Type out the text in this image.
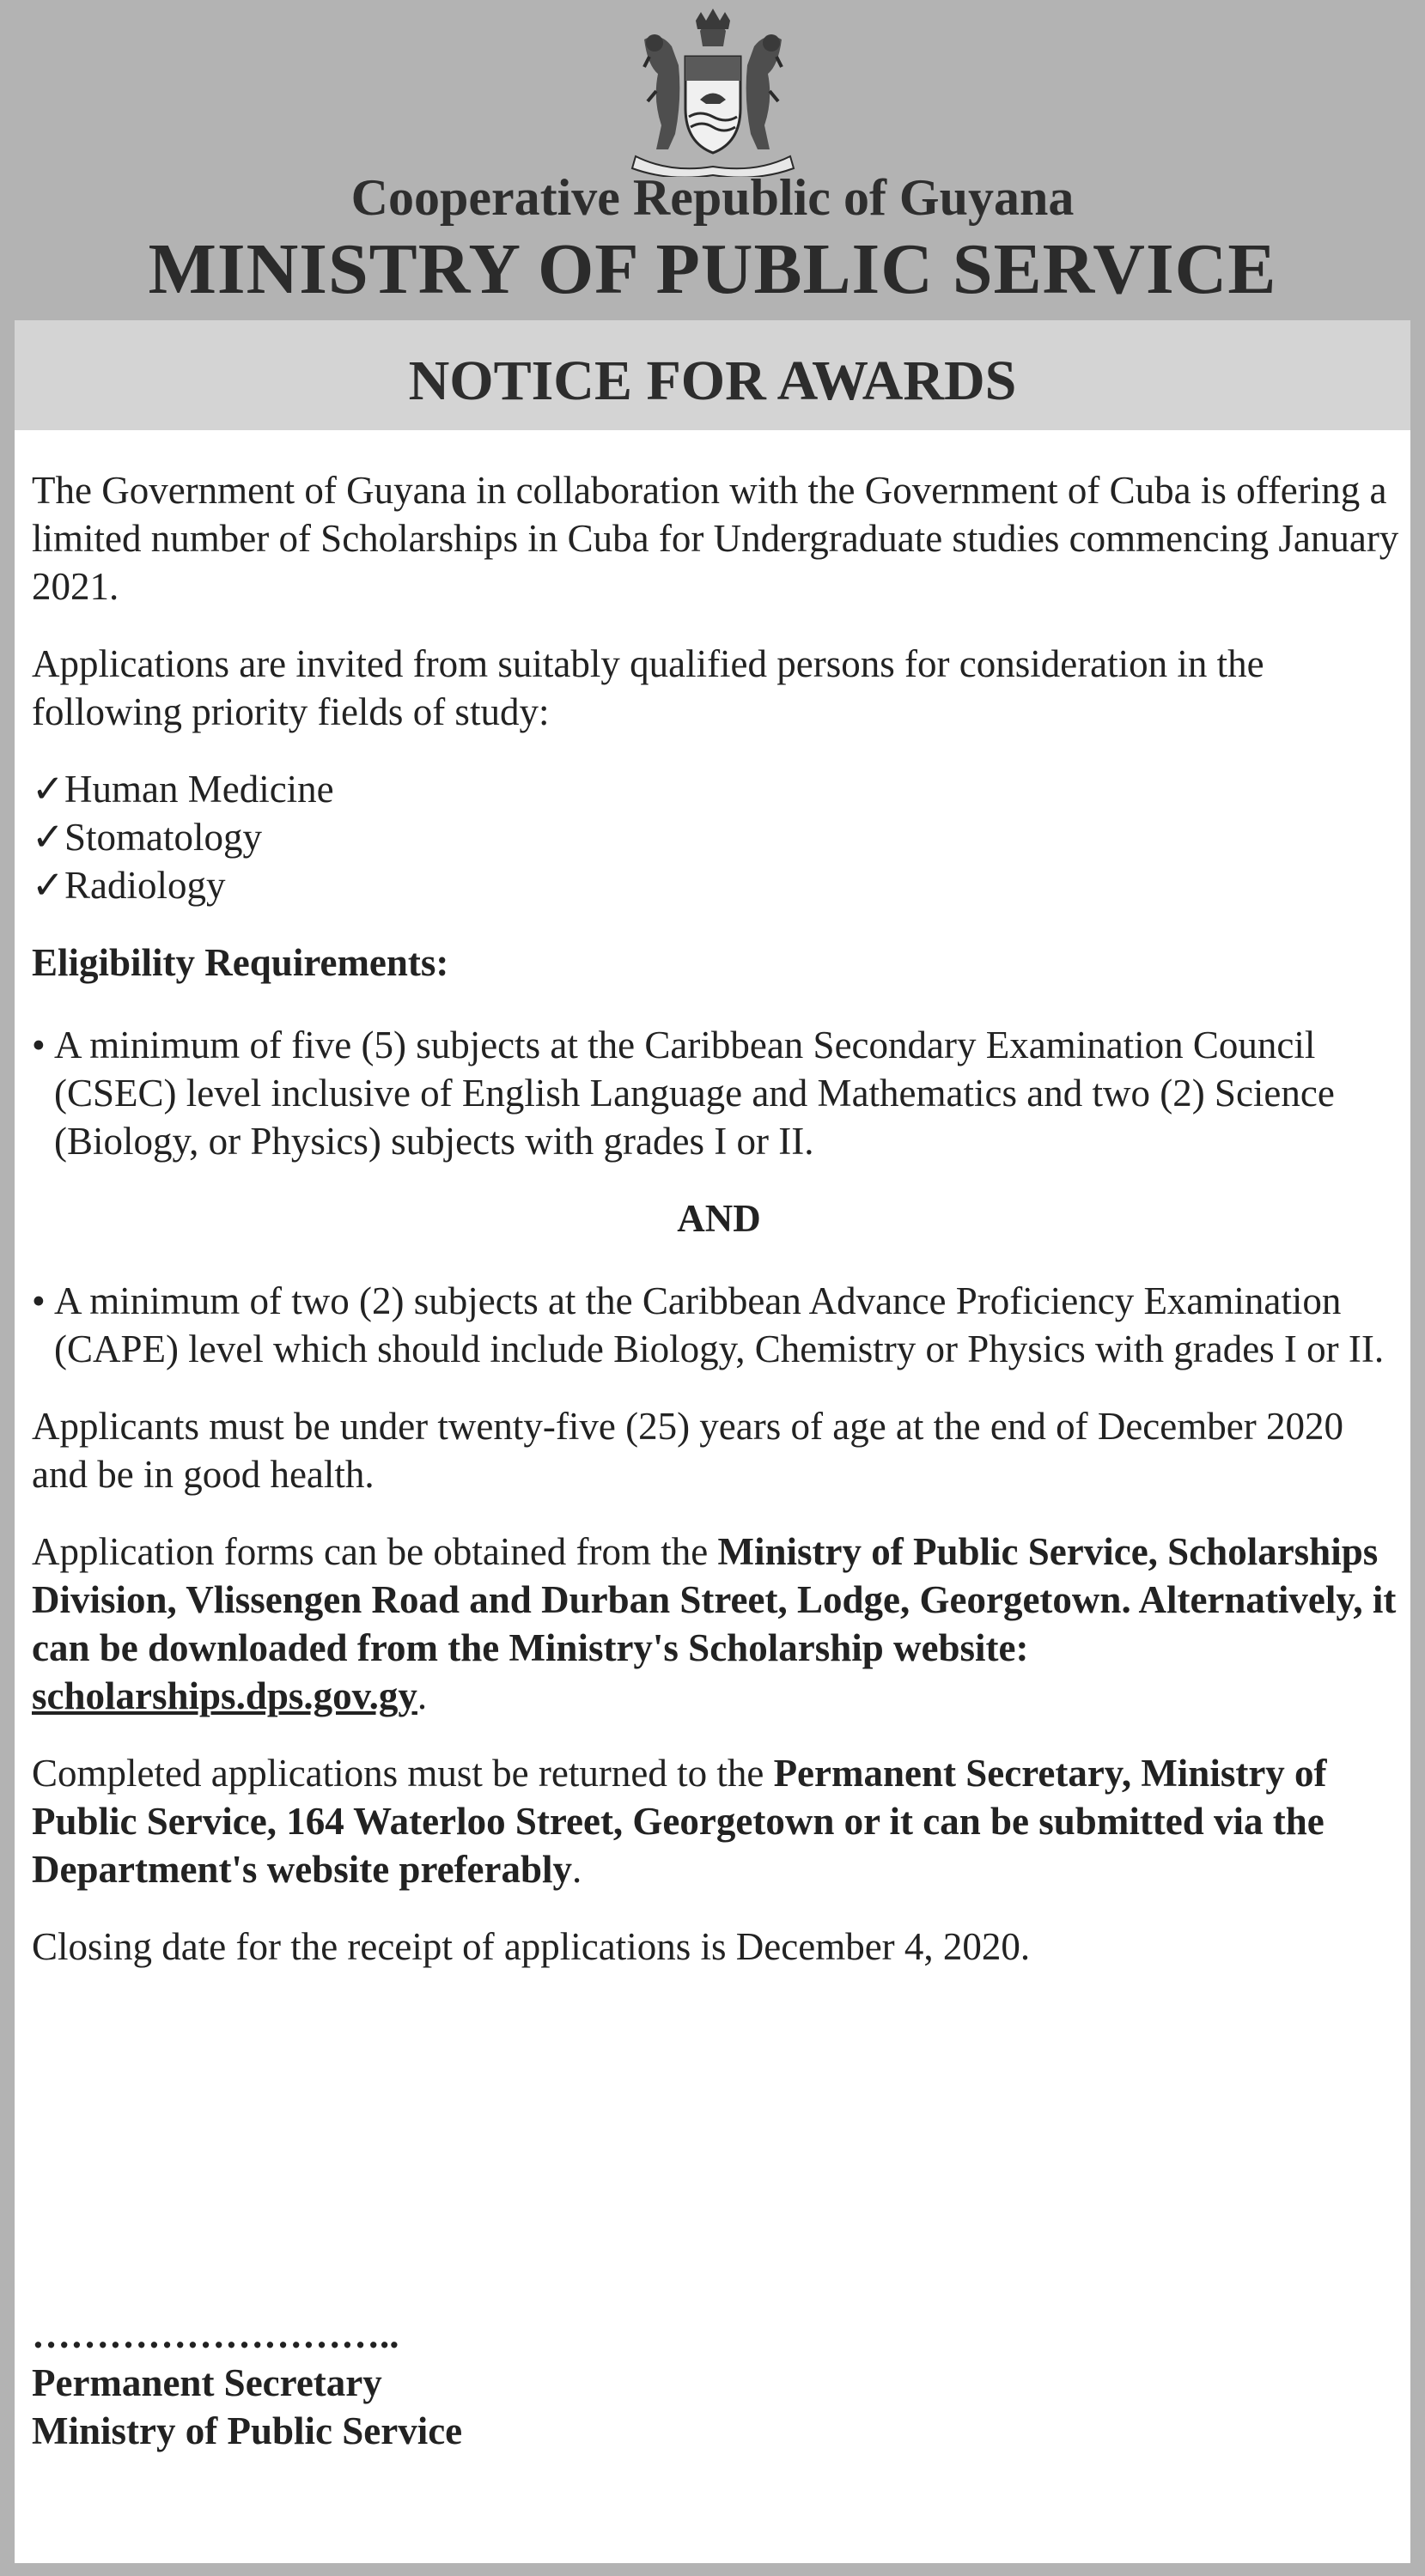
Cooperative Republic of Guyana
MINISTRY OF PUBLIC SERVICE
NOTICE FOR AWARDS

The Government of Guyana in collaboration with the Government of Cuba is offering a limited number of Scholarships in Cuba for Undergraduate studies commencing January 2021.

Applications are invited from suitably qualified persons for consideration in the following priority fields of study:

✓Human Medicine
✓Stomatology
✓Radiology

Eligibility Requirements:

• A minimum of five (5) subjects at the Caribbean Secondary Examination Council (CSEC) level inclusive of English Language and Mathematics and two (2) Science (Biology, or Physics) subjects with grades I or II.

AND

• A minimum of two (2) subjects at the Caribbean Advance Proficiency Examination (CAPE) level which should include Biology, Chemistry or Physics with grades I or II.

Applicants must be under twenty-five (25) years of age at the end of December 2020 and be in good health.

Application forms can be obtained from the Ministry of Public Service, Scholarships Division, Vlissengen Road and Durban Street, Lodge, Georgetown. Alternatively, it can be downloaded from the Ministry's Scholarship website: scholarships.dps.gov.gy.

Completed applications must be returned to the Permanent Secretary, Ministry of Public Service, 164 Waterloo Street, Georgetown or it can be submitted via the Department's website preferably.

Closing date for the receipt of applications is December 4, 2020.

………………………..
Permanent Secretary
Ministry of Public Service
